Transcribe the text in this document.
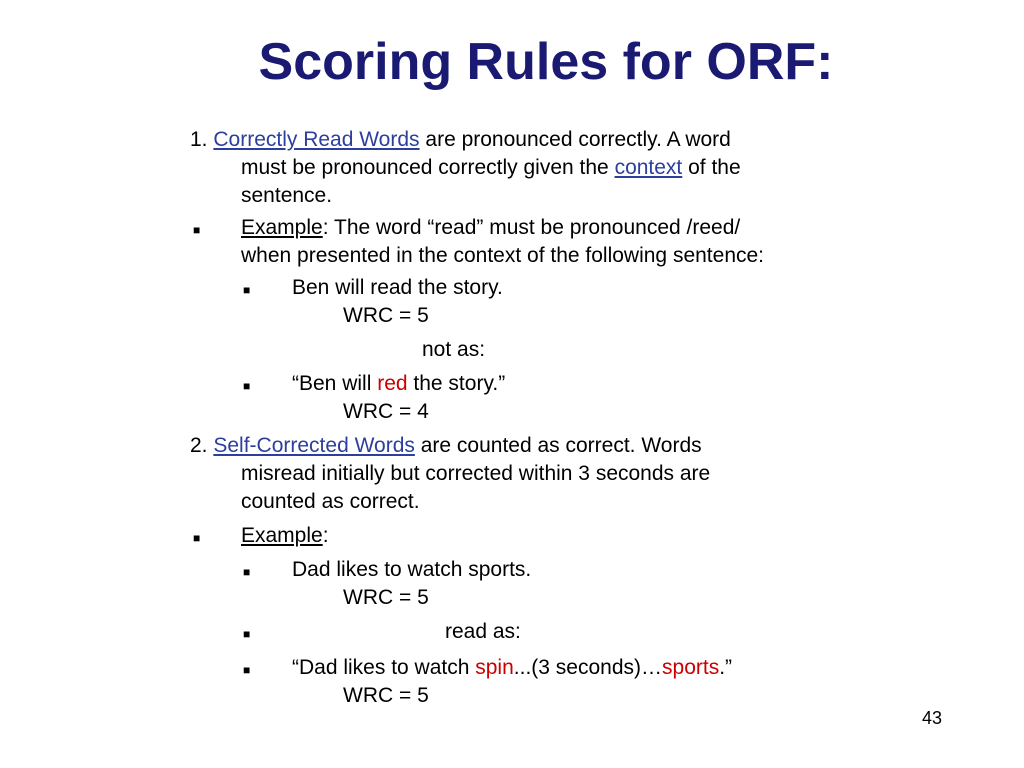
Scoring Rules for ORF:
1. Correctly Read Words are pronounced correctly. A word
must be pronounced correctly given the context of the
sentence.
■ Example: The word “read” must be pronounced /reed/
when presented in the context of the following sentence:
■ Ben will read the story.
WRC = 5
not as:
■ “Ben will red the story.”
WRC = 4
2. Self-Corrected Words are counted as correct. Words
misread initially but corrected within 3 seconds are
counted as correct.
■ Example:
■ Dad likes to watch sports.
WRC = 5
■	read as:
■ “Dad likes to watch spin...(3 seconds)…sports.”
WRC = 5
43
